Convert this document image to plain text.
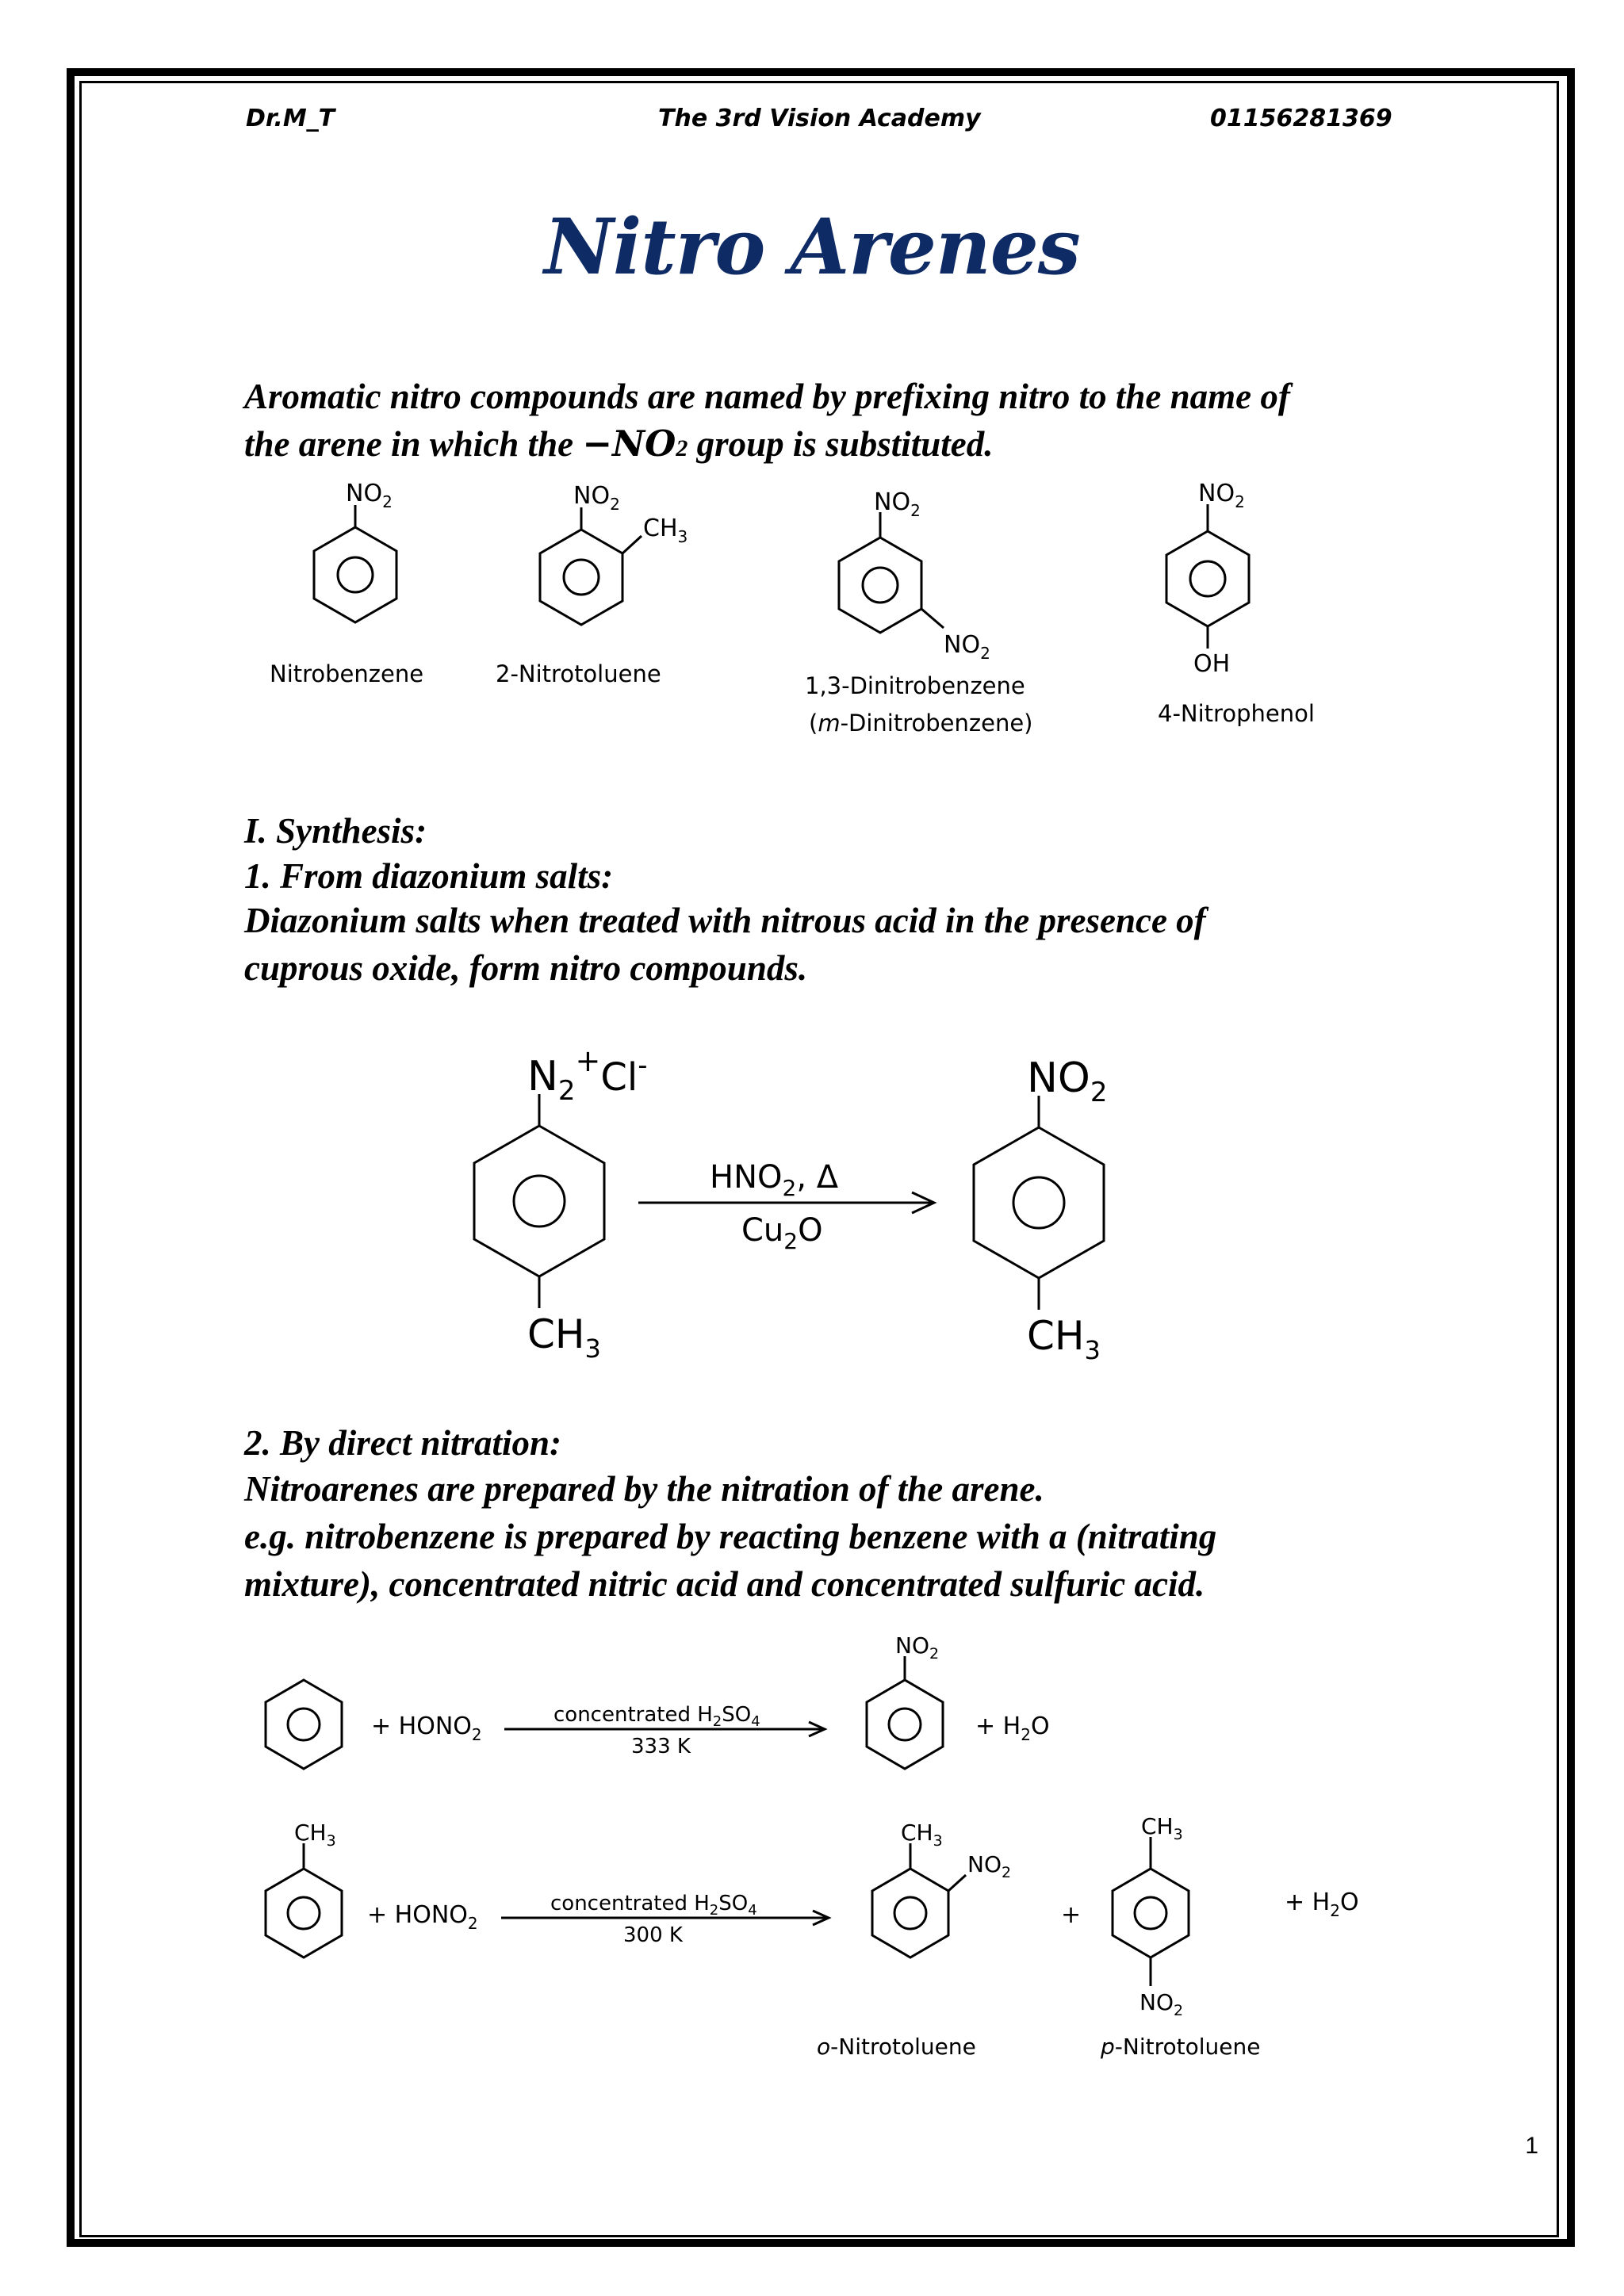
Dr.M_T	The 3rd Vision Academy	01156281369
Nitro Arenes
Aromatic nitro compounds are named by prefixing nitro to the name of
the arene in which the −NO2 group is substituted.
$NO_2$
Nitrobenzene
$NO_2$
$CH_3$
2-Nitrotoluene
$NO_2$
$NO_2$
1,3-Dinitrobenzene
(m-Dinitrobenzene)
$NO_2$
OH
4-Nitrophenol
I. Synthesis:
1. From diazonium salts:
Diazonium salts when treated with nitrous acid in the presence of
cuprous oxide, form nitro compounds.
$N_2^+Cl^-$
$CH_3$
$HNO_2$, Δ
$Cu_2O$
$NO_2$
$CH_3$
2. By direct nitration:
Nitroarenes are prepared by the nitration of the arene.
e.g. nitrobenzene is prepared by reacting benzene with a (nitrating
mixture), concentrated nitric acid and concentrated sulfuric acid.
+ $HONO_2$
concentrated $H_2SO_4$
333 K
$NO_2$
+ $H_2O$
$CH_3$
+ $HONO_2$
concentrated $H_2SO_4$
300 K
$CH_3$
$NO_2$
+
$CH_3$
$NO_2$
+ $H_2O$
o-Nitrotoluene	p-Nitrotoluene
1
